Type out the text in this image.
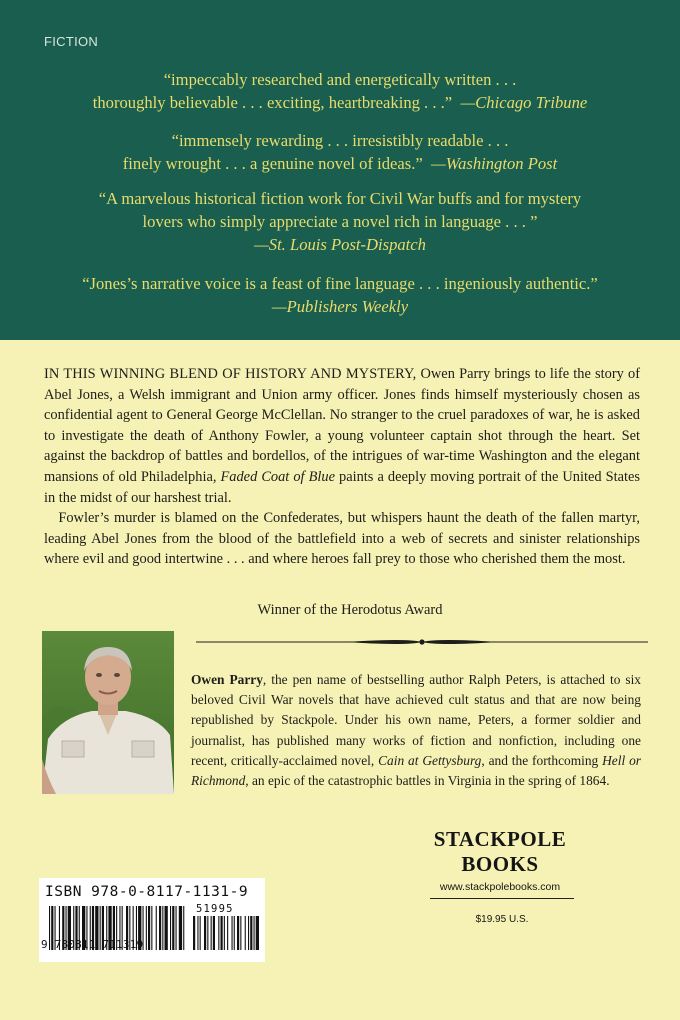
FICTION

“impeccably researched and energetically written . . .
thoroughly believable . . . exciting, heartbreaking . . .” —Chicago Tribune

“immensely rewarding . . . irresistibly readable . . .
finely wrought . . . a genuine novel of ideas.” —Washington Post

“A marvelous historical fiction work for Civil War buffs and for mystery
lovers who simply appreciate a novel rich in language . . . ”
—St. Louis Post-Dispatch

“Jones’s narrative voice is a feast of fine language . . . ingeniously authentic.”
—Publishers Weekly

IN THIS WINNING BLEND OF HISTORY AND MYSTERY, Owen Parry brings to life the story of Abel Jones, a Welsh immigrant and Union army officer. Jones finds himself mysteriously chosen as confidential agent to General George McClellan. No stranger to the cruel paradoxes of war, he is asked to investigate the death of Anthony Fowler, a young volunteer captain shot through the heart. Set against the backdrop of battles and bordellos, of the intrigues of war-time Washington and the elegant mansions of old Philadelphia, Faded Coat of Blue paints a deeply moving portrait of the United States in the midst of our harshest trial.

Fowler’s murder is blamed on the Confederates, but whispers haunt the death of the fallen martyr, leading Abel Jones from the blood of the battlefield into a web of secrets and sinister relationships where evil and good intertwine . . . and where heroes fall prey to those who cherished them the most.

Winner of the Herodotus Award

Owen Parry, the pen name of bestselling author Ralph Peters, is attached to six beloved Civil War novels that have achieved cult status and that are now being republished by Stackpole. Under his own name, Peters, a former soldier and journalist, has published many works of fiction and nonfiction, including one recent, critically-acclaimed novel, Cain at Gettysburg, and the forthcoming Hell or Richmond, an epic of the catastrophic battles in Virginia in the spring of 1864.

STACKPOLE
BOOKS
www.stackpolebooks.com
$19.95 U.S.
ISBN 978-0-8117-1131-9
9 780811 711319
51995
